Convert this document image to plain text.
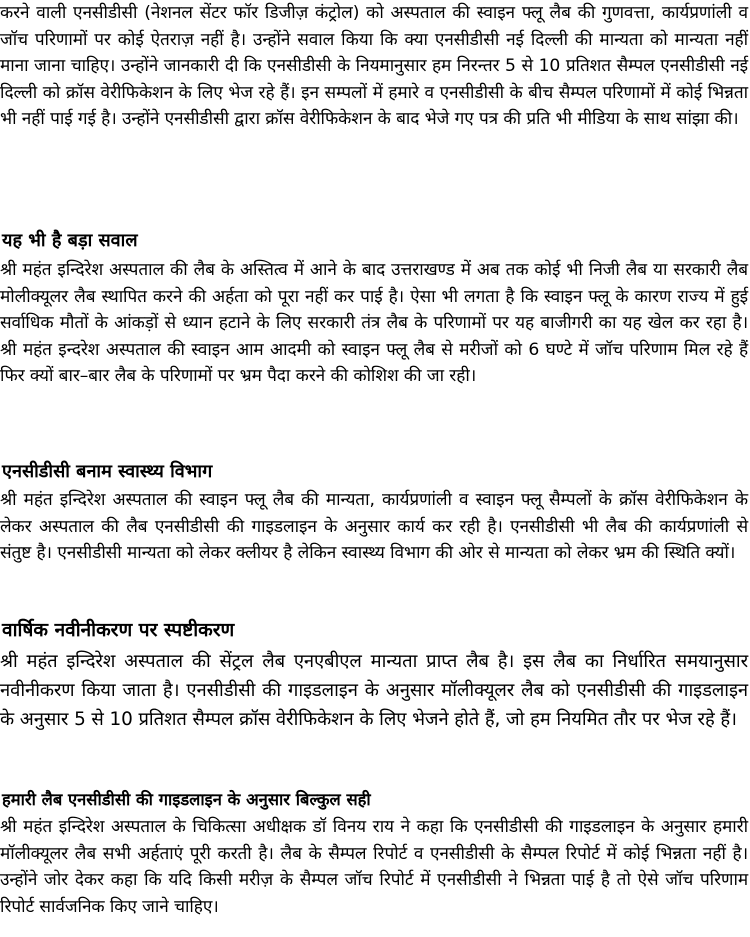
करने वाली एनसीडीसी (नेशनल सेंटर फॉर डिजीज़ कंट्रोल) को अस्पताल की स्वाइन फ्लू लैब की गुणवत्ता, कार्यप्रणांली व जॉच परिणामों पर कोई ऐतराज़ नहीं है। उन्होंने सवाल किया कि क्या एनसीडीसी नई दिल्ली की मान्यता को मान्यता नहीं माना जाना चाहिए। उन्होंने जानकारी दी कि एनसीडीसी के नियमानुसार हम निरन्तर 5 से 10 प्रतिशत सैम्पल एनसीडीसी नई दिल्ली को क्रॉस वेरीफिकेशन के लिए भेज रहे हैं। इन सम्पलों में हमारे व एनसीडीसी के बीच सैम्पल परिणामों में कोई भिन्नता भी नहीं पाई गई है। उन्होंने एनसीडीसी द्वारा क्रॉस वेरीफिकेशन के बाद भेजे गए पत्र की प्रति भी मीडिया के साथ सांझा की।

यह भी है बड़ा सवाल

श्री महंत इन्दिरेश अस्पताल की लैब के अस्तित्व में आने के बाद उत्तराखण्ड में अब तक कोई भी निजी लैब या सरकारी लैब मोलीक्यूलर लैब स्थापित करने की अर्हता को पूरा नहीं कर पाई है। ऐसा भी लगता है कि स्वाइन फ्लू के कारण राज्य में हुई सर्वाधिक मौतों के आंकड़ों से ध्यान हटाने के लिए सरकारी तंत्र लैब के परिणामों पर यह बाजीगरी का यह खेल कर रहा है। श्री महंत इन्दरेश अस्पताल की स्वाइन आम आदमी को स्वाइन फ्लू लैब से मरीजों को 6 घण्टे में जॉच परिणाम मिल रहे हैं फिर क्यों बार–बार लैब के परिणामों पर भ्रम पैदा करने की कोशिश की जा रही।

एनसीडीसी बनाम स्वास्थ्य विभाग

श्री महंत इन्दिरेश अस्पताल की स्वाइन फ्लू लैब की मान्यता, कार्यप्रणांली व स्वाइन फ्लू सैम्पलों के क्रॉस वेरीफिकेशन के लेकर अस्पताल की लैब एनसीडीसी की गाइडलाइन के अनुसार कार्य कर रही है। एनसीडीसी भी लैब की कार्यप्रणांली से संतुष्ट है। एनसीडीसी मान्यता को लेकर क्लीयर है लेकिन स्वास्थ्य विभाग की ओर से मान्यता को लेकर भ्रम की स्थिति क्यों।

वार्षिक नवीनीकरण पर स्पष्टीकरण

श्री महंत इन्दिरेश अस्पताल की सेंट्रल लैब एनएबीएल मान्यता प्राप्त लैब है। इस लैब का निर्धारित समयानुसार नवीनीकरण किया जाता है। एनसीडीसी की गाइडलाइन के अनुसार मॉलीक्यूलर लैब को एनसीडीसी की गाइडलाइन के अनुसार 5 से 10 प्रतिशत सैम्पल क्रॉस वेरीफिकेशन के लिए भेजने होते हैं, जो हम नियमित तौर पर भेज रहे हैं।

हमारी लैब एनसीडीसी की गाइडलाइन के अनुसार बिल्कुल सही

श्री महंत इन्दिरेश अस्पताल के चिकित्सा अधीक्षक डॉ विनय राय ने कहा कि एनसीडीसी की गाइडलाइन के अनुसार हमारी मॉलीक्यूलर लैब सभी अर्हताएं पूरी करती है। लैब के सैम्पल रिपोर्ट व एनसीडीसी के सैम्पल रिपोर्ट में कोई भिन्नता नहीं है। उन्होंने जोर देकर कहा कि यदि किसी मरीज़ के सैम्पल जॉच रिपोर्ट में एनसीडीसी ने भिन्नता पाई है तो ऐसे जॉच परिणाम रिपोर्ट सार्वजनिक किए जाने चाहिए।
